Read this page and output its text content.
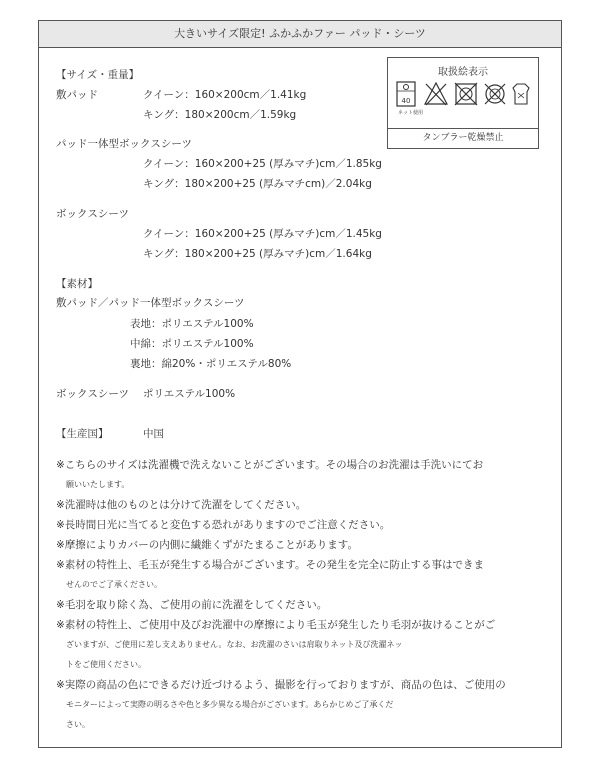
大きいサイズ限定! ふかふかファー パッド・シーツ
取扱絵表示
40
ネット使用
タンブラー乾燥禁止
【サイズ・重量】
敷パッド	クイーン：160×200cm／1.41kg
キング：180×200cm／1.59kg
パッド一体型ボックスシーツ
クイーン：160×200+25 (厚みマチ)cm／1.85kg
キング：180×200+25 (厚みマチcm)／2.04kg
ボックスシーツ
クイーン：160×200+25 (厚みマチ)cm／1.45kg
キング：180×200+25 (厚みマチ)cm／1.64kg
【素材】
敷パッド／パッド一体型ボックスシーツ
表地：ポリエステル100%
中綿：ポリエステル100%
裏地：綿20%・ポリエステル80%
ボックスシーツ ポリエステル100%
【生産国】	中国
※こちらのサイズは洗濯機で洗えないことがございます。その場合のお洗濯は手洗いにてお
願いいたします。
※洗濯時は他のものとは分けて洗濯をしてください。
※長時間日光に当てると変色する恐れがありますのでご注意ください。
※摩擦によりカバーの内側に繊維くずがたまることがあります。
※素材の特性上、毛玉が発生する場合がございます。その発生を完全に防止する事はできま
せんのでご了承ください。
※毛羽を取り除く為、ご使用の前に洗濯をしてください。
※素材の特性上、ご使用中及びお洗濯中の摩擦により毛玉が発生したり毛羽が抜けることがご
ざいますが、ご使用に差し支えありません。なお、お洗濯のさいは肩取りネット及び洗濯ネッ
トをご使用ください。
※実際の商品の色にできるだけ近づけるよう、撮影を行っておりますが、商品の色は、ご使用の
モニターによって実際の明るさや色と多少異なる場合がございます。あらかじめご了承くだ
さい。
